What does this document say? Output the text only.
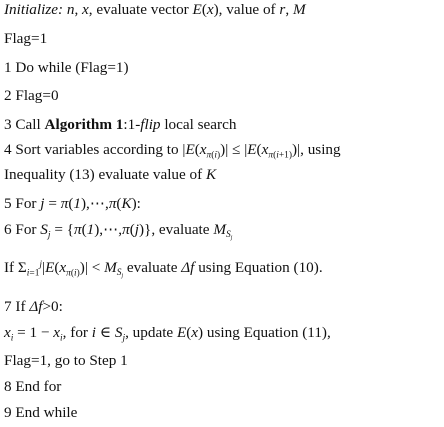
Initialize: n, x, evaluate vector E(x), value of r, M
Flag=1
1 Do while (Flag=1)
2 Flag=0
3 Call Algorithm 1:1-flip local search
4 Sort variables according to $|E(x_{\pi(i)})| \le |E(x_{\pi(i+1)})|$, using
Inequality (13) evaluate value of K
5 For j = π(1),⋯,π(K):
6 For $S_j$ = {π(1),⋯,π(j)}, evaluate $M_{S_j}$
If $\Sigma_{i=1}^j|E(x_{\pi(i)})| < M_{S_j}$ evaluate Δf using Equation (10).
7 If Δf>0:
$x_i = 1 - x_i$, for i ∈ $S_j$, update E(x) using Equation (11),
Flag=1, go to Step 1
8 End for
9 End while
